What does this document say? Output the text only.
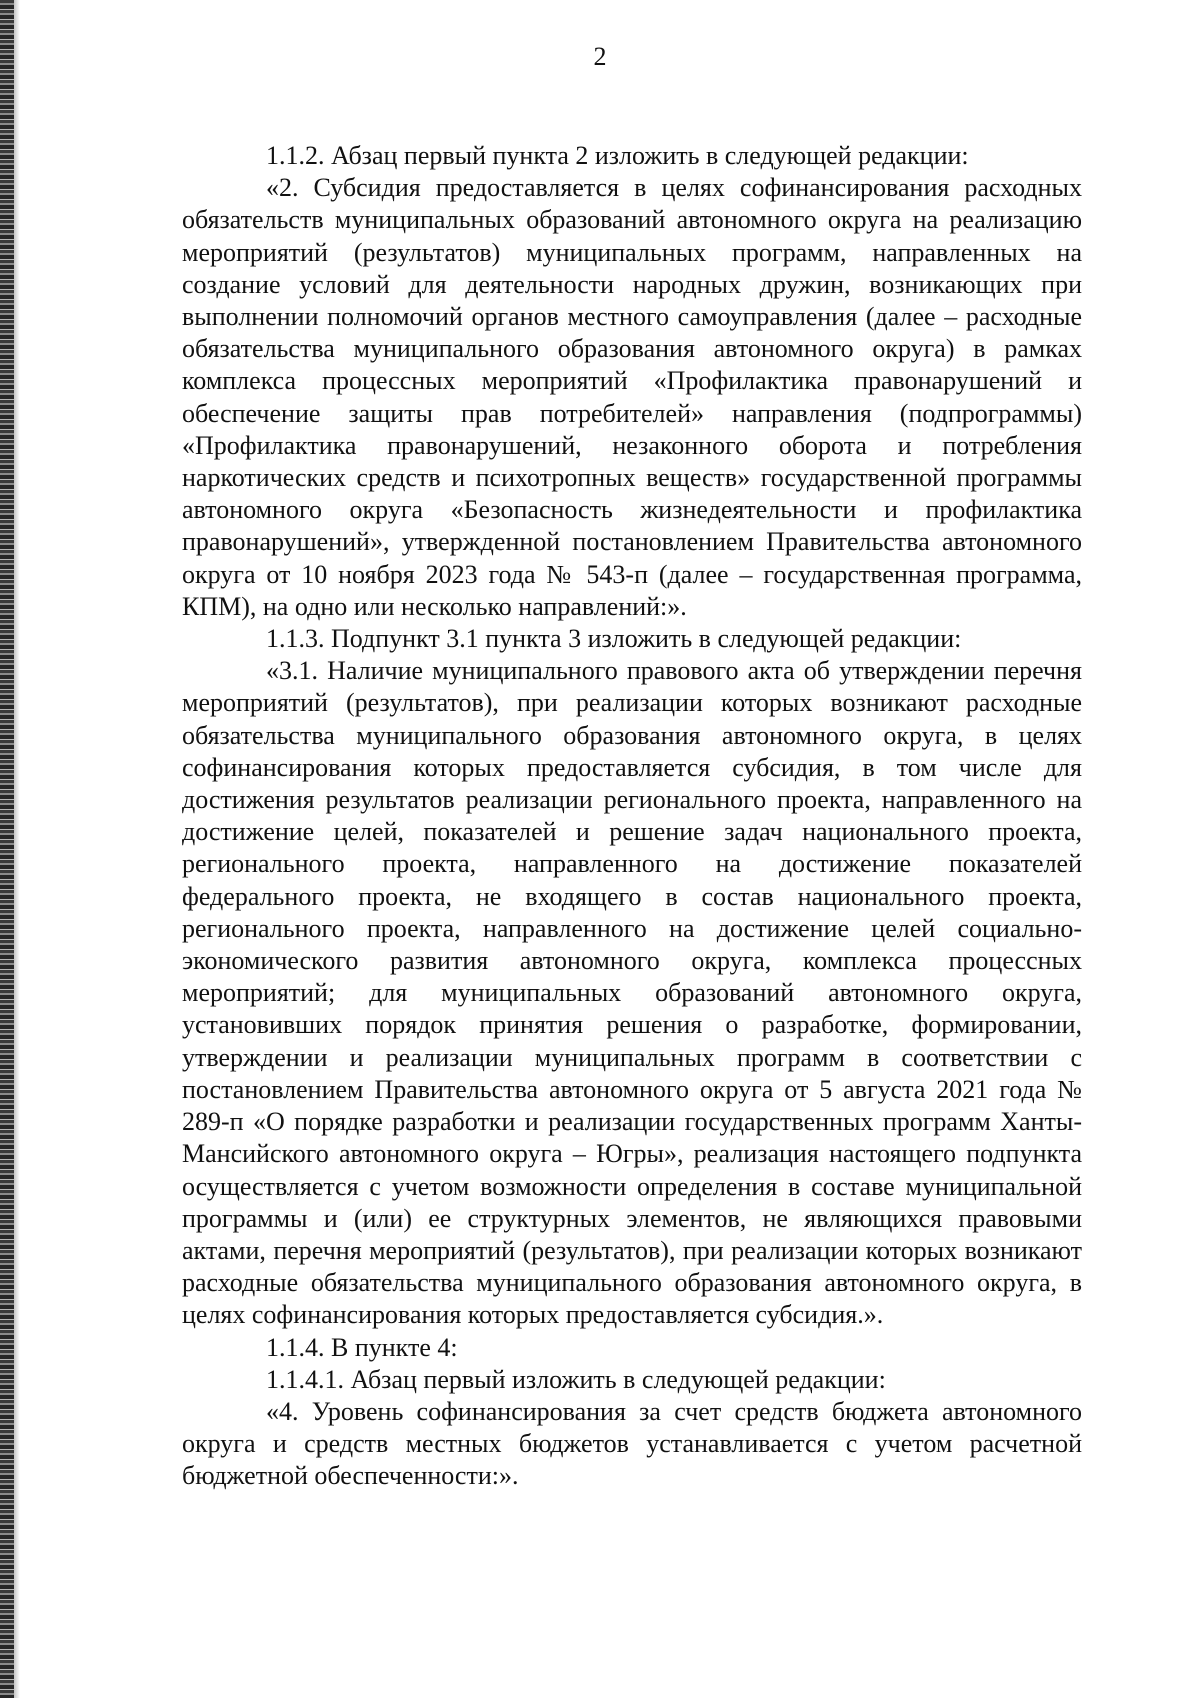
2

1.1.2. Абзац первый пункта 2 изложить в следующей редакции:

«2. Субсидия предоставляется в целях софинансирования расходных обязательств муниципальных образований автономного округа на реализацию мероприятий (результатов) муниципальных программ, направленных на создание условий для деятельности народных дружин, возникающих при выполнении полномочий органов местного самоуправления (далее – расходные обязательства муниципального образования автономного округа) в рамках комплекса процессных мероприятий «Профилактика правонарушений и обеспечение защиты прав потребителей» направления (подпрограммы) «Профилактика правонарушений, незаконного оборота и потребления наркотических средств и психотропных веществ» государственной программы автономного округа «Безопасность жизнедеятельности и профилактика правонарушений», утвержденной постановлением Правительства автономного округа от 10 ноября 2023 года № 543-п (далее – государственная программа, КПМ), на одно или несколько направлений:».

1.1.3. Подпункт 3.1 пункта 3 изложить в следующей редакции:

«3.1. Наличие муниципального правового акта об утверждении перечня мероприятий (результатов), при реализации которых возникают расходные обязательства муниципального образования автономного округа, в целях софинансирования которых предоставляется субсидия, в том числе для достижения результатов реализации регионального проекта, направленного на достижение целей, показателей и решение задач национального проекта, регионального проекта, направленного на достижение показателей федерального проекта, не входящего в состав национального проекта, регионального проекта, направленного на достижение целей социально-экономического развития автономного округа, комплекса процессных мероприятий; для муниципальных образований автономного округа, установивших порядок принятия решения о разработке, формировании, утверждении и реализации муниципальных программ в соответствии с постановлением Правительства автономного округа от 5 августа 2021 года № 289-п «О порядке разработки и реализации государственных программ Ханты-Мансийского автономного округа – Югры», реализация настоящего подпункта осуществляется с учетом возможности определения в составе муниципальной программы и (или) ее структурных элементов, не являющихся правовыми актами, перечня мероприятий (результатов), при реализации которых возникают расходные обязательства муниципального образования автономного округа, в целях софинансирования которых предоставляется субсидия.».

1.1.4. В пункте 4:

1.1.4.1. Абзац первый изложить в следующей редакции:

«4. Уровень софинансирования за счет средств бюджета автономного округа и средств местных бюджетов устанавливается с учетом расчетной бюджетной обеспеченности:».
